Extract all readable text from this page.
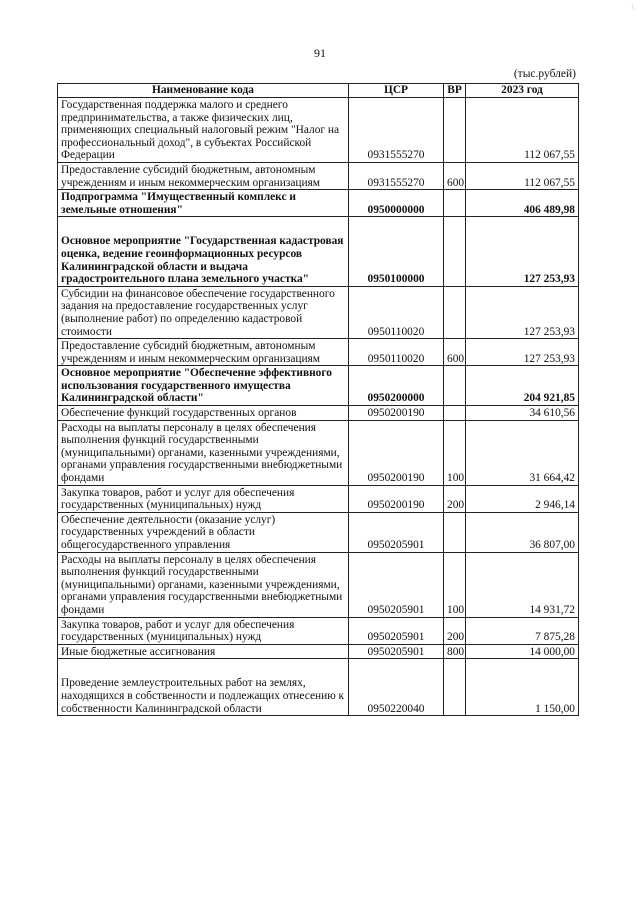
\
91
(тыс.рублей)
Наименование кода	ЦСР	ВР	2023 год
Государственная поддержка малого и среднего предпринимательства, а также физических лиц, применяющих специальный налоговый режим "Налог на профессиональный доход", в субъектах Российской Федерации	0931555270		112 067,55
Предоставление субсидий бюджетным, автономным учреждениям и иным некоммерческим организациям	0931555270	600	112 067,55
Подпрограмма "Имущественный комплекс и земельные отношения"	0950000000		406 489,98
Основное мероприятие "Государственная кадастровая оценка, ведение геоинформационных ресурсов Калининградской области и выдача градостроительного плана земельного участка"	0950100000		127 253,93
Субсидии на финансовое обеспечение государственного задания на предоставление государственных услуг (выполнение работ) по определению кадастровой стоимости	0950110020		127 253,93
Предоставление субсидий бюджетным, автономным учреждениям и иным некоммерческим организациям	0950110020	600	127 253,93
Основное мероприятие "Обеспечение эффективного использования государственного имущества Калининградской области"	0950200000		204 921,85
Обеспечение функций государственных органов	0950200190		34 610,56
Расходы на выплаты персоналу в целях обеспечения выполнения функций государственными (муниципальными) органами, казенными учреждениями, органами управления государственными внебюджетными фондами	0950200190	100	31 664,42
Закупка товаров, работ и услуг для обеспечения государственных (муниципальных) нужд	0950200190	200	2 946,14
Обеспечение деятельности (оказание услуг) государственных учреждений в области общегосударственного управления	0950205901		36 807,00
Расходы на выплаты персоналу в целях обеспечения выполнения функций государственными (муниципальными) органами, казенными учреждениями, органами управления государственными внебюджетными фондами	0950205901	100	14 931,72
Закупка товаров, работ и услуг для обеспечения государственных (муниципальных) нужд	0950205901	200	7 875,28
Иные бюджетные ассигнования	0950205901	800	14 000,00
Проведение землеустроительных работ на землях, находящихся в собственности и подлежащих отнесению к собственности Калининградской области	0950220040		1 150,00
